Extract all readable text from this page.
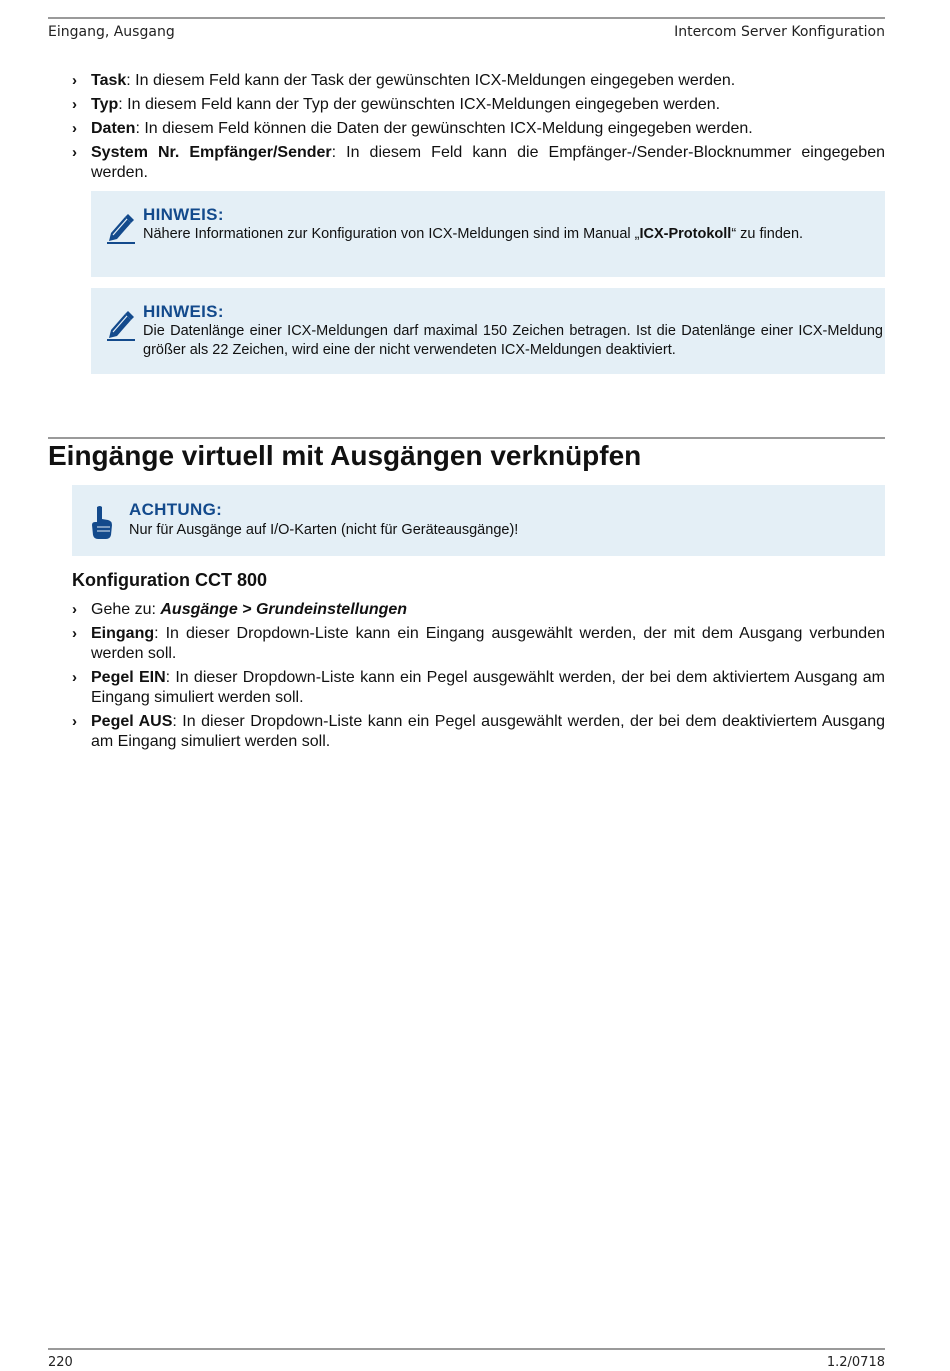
Eingang, Ausgang	Intercom Server Konfiguration
› Task: In diesem Feld kann der Task der gewünschten ICX-Meldungen eingegeben werden.
› Typ: In diesem Feld kann der Typ der gewünschten ICX-Meldungen eingegeben werden.
› Daten: In diesem Feld können die Daten der gewünschten ICX-Meldung eingegeben werden.
› System Nr. Empfänger/Sender: In diesem Feld kann die Empfänger-/Sender-Blocknummer eingegeben werden.
HINWEIS:
Nähere Informationen zur Konfiguration von ICX-Meldungen sind im Manual „ICX-Protokoll“ zu finden.
HINWEIS:
Die Datenlänge einer ICX-Meldungen darf maximal 150 Zeichen betragen. Ist die Datenlänge einer ICX-Meldung größer als 22 Zeichen, wird eine der nicht verwendeten ICX-Meldungen deaktiviert.
Eingänge virtuell mit Ausgängen verknüpfen
ACHTUNG:
Nur für Ausgänge auf I/O-Karten (nicht für Geräteausgänge)!
Konfiguration CCT 800
› Gehe zu: Ausgänge > Grundeinstellungen
› Eingang: In dieser Dropdown-Liste kann ein Eingang ausgewählt werden, der mit dem Ausgang verbunden werden soll.
› Pegel EIN: In dieser Dropdown-Liste kann ein Pegel ausgewählt werden, der bei dem aktiviertem Ausgang am Eingang simuliert werden soll.
› Pegel AUS: In dieser Dropdown-Liste kann ein Pegel ausgewählt werden, der bei dem deaktiviertem Ausgang am Eingang simuliert werden soll.
220	1.2/0718
